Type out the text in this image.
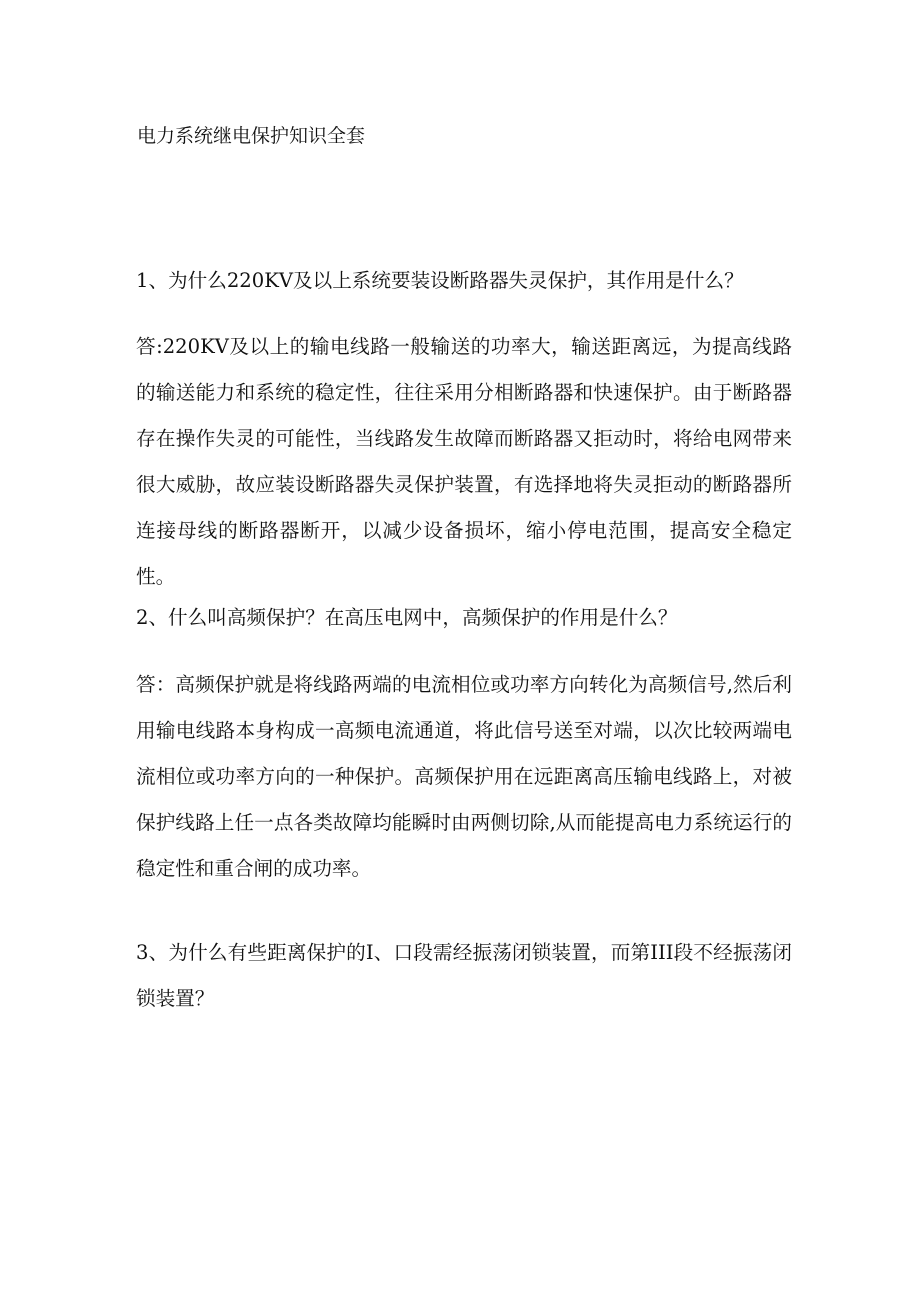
电力系统继电保护知识全套

1、为什么220KV及以上系统要装设断路器失灵保护，其作用是什么？

答:220KV及以上的输电线路一般输送的功率大，输送距离远，为提高线路的输送能力和系统的稳定性，往往采用分相断路器和快速保护。由于断路器存在操作失灵的可能性，当线路发生故障而断路器又拒动时，将给电网带来很大威胁，故应装设断路器失灵保护装置，有选择地将失灵拒动的断路器所连接母线的断路器断开，以减少设备损坏，缩小停电范围，提高安全稳定性。

2、什么叫高频保护？在高压电网中，高频保护的作用是什么？

答：高频保护就是将线路两端的电流相位或功率方向转化为高频信号,然后利用输电线路本身构成一高频电流通道，将此信号送至对端，以次比较两端电流相位或功率方向的一种保护。高频保护用在远距离高压输电线路上，对被保护线路上任一点各类故障均能瞬时由两侧切除,从而能提高电力系统运行的稳定性和重合闸的成功率。

3、为什么有些距离保护的I、口段需经振荡闭锁装置，而第III段不经振荡闭锁装置？
